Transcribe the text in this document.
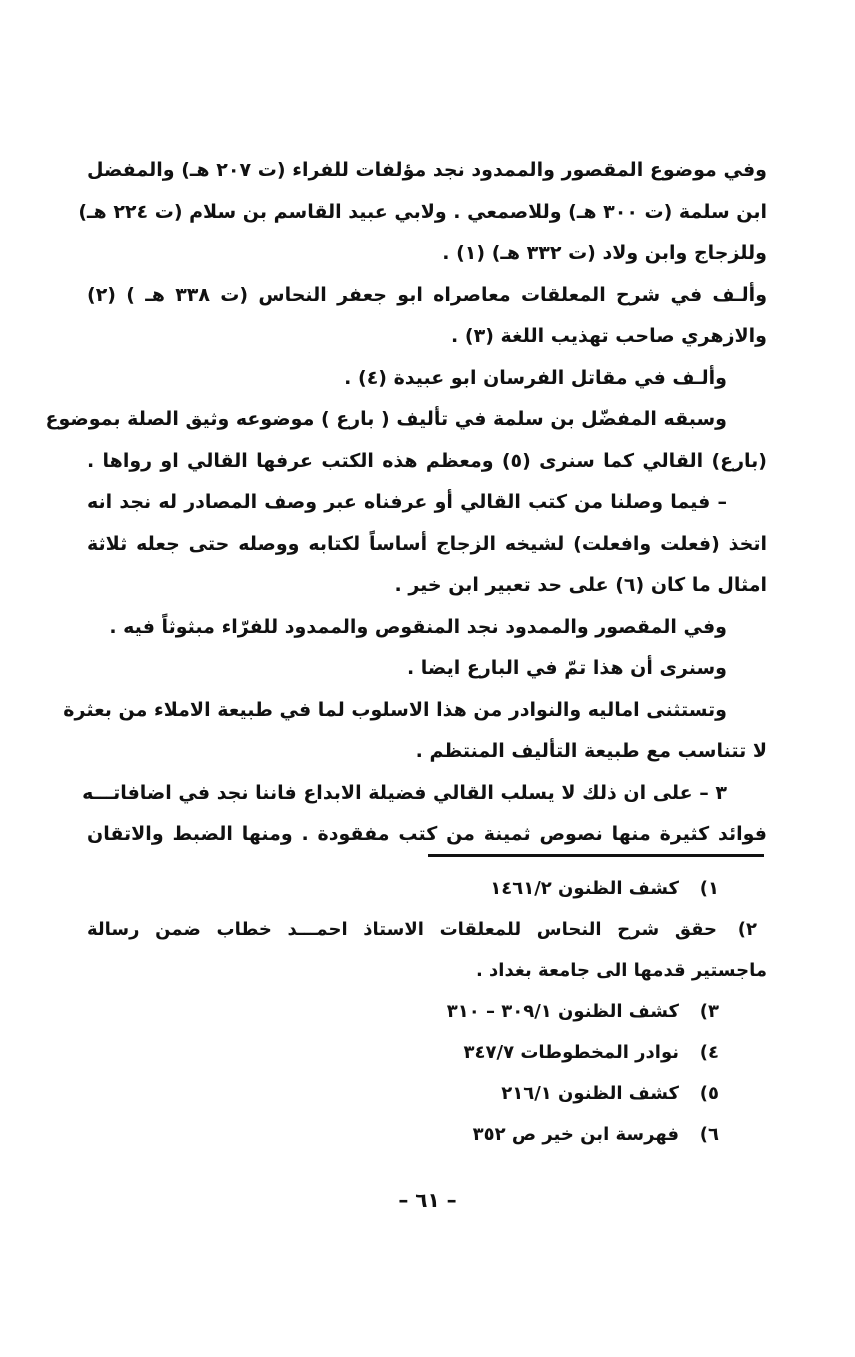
وفي موضوع المقصور والممدود نجد مؤلفات للفراء (ت ٢٠٧ هـ) والمفضل
ابن سلمة (ت ٣٠٠ هـ) وللاصمعي . ولابي عبيد القاسم بن سلام (ت ٢٢٤ هـ)
وللزجاج وابن ولاد (ت ٣٣٢ هـ) (١) .
وألـف في شرح المعلقات معاصراه ابو جعفر النحاس (ت ٣٣٨ هـ ) (٢)
والازهري صاحب تهذيب اللغة (٣) .
وألـف في مقاتل الفرسان ابو عبيدة (٤) .
وسبقه المفضّل بن سلمة في تأليف ( بارع ) موضوعه وثيق الصلة بموضوع
(بارع) القالي كما سنرى (٥) ومعظم هذه الكتب عرفها القالي او رواها .
– فيما وصلنا من كتب القالي أو عرفناه عبر وصف المصادر له نجد انه
اتخذ (فعلت وافعلت) لشيخه الزجاج أساساً لكتابه ووصله حتى جعله ثلاثة
امثال ما كان (٦) على حد تعبير ابن خير .
وفي المقصور والممدود نجد المنقوص والممدود للفرّاء مبثوثاً فيه .
وسنرى أن هذا تمّ في البارع ايضا .
وتستثنى اماليه والنوادر من هذا الاسلوب لما في طبيعة الاملاء من بعثرة
لا تتناسب مع طبيعة التأليف المنتظم .
٣ – على ان ذلك لا يسلب القالي فضيلة الابداع فاننا نجد في اضافاتـــه
فوائد كثيرة منها نصوص ثمينة من كتب مفقودة . ومنها الضبط والاتقان
١)كشف الظنون ١٤٦١/٢
٢)حقق شرح النحاس للمعلقات الاستاذ احمـــد خطاب ضمن رسالة
ماجستير قدمها الى جامعة بغداد .
٣)كشف الظنون ٣٠٩/١ – ٣١٠
٤)نوادر المخطوطات ٣٤٧/٧
٥)كشف الظنون ٢١٦/١
٦)فهرسة ابن خير ص ٣٥٢
– ٦١ –
